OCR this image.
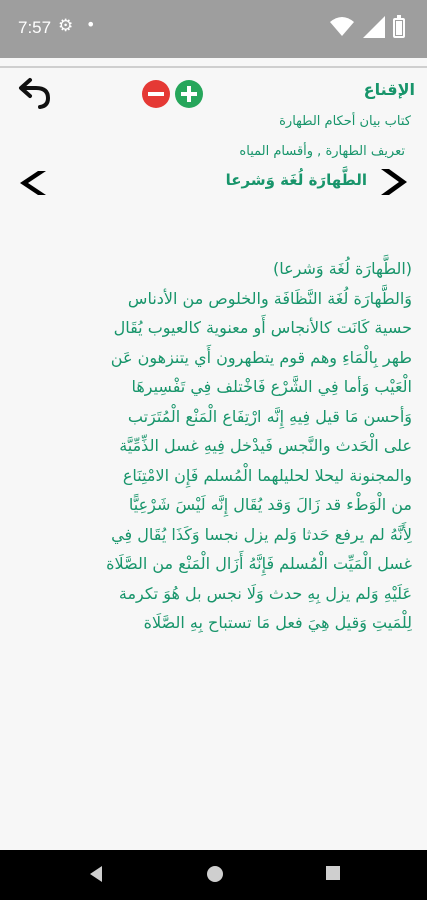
7:57 ⚙ •
الإقناع
كتاب بيان أحكام الطهارة
تعريف الطهارة , وأقسام المياه
الطَّهارَة لُغَة وَشرعا
(الطَّهارَة لُغَة وَشرعا)
وَالطَّهارَة لُغَة النَّظَافَة والخلوص من الأدناس
حسية كَانَت كالأنجاس أَو معنوية كالعيوب يُقَال
طهر بِالْمَاءِ وهم قوم يتطهرون أَي يتنزهون عَن
الْعَيْب وَأما فِي الشَّرْع فَاخْتلف فِي تَفْسِيرهَا
وَأحسن مَا قيل فِيهِ إِنَّه ارْتِفَاع الْمَنْع الْمُتَرَتب
على الْحَدث والنَّجس فَيدْخل فِيهِ غسل الذِّمِّيَّة
والمجنونة ليحلا لحليلهما الْمُسلم فَإِن الامْتِنَاع
من الْوَطْء قد زَالَ وَقد يُقَال إِنَّه لَيْسَ شَرْعِيًّا
لِأَنَّهُ لم يرفع حَدثا وَلم يزل نجسا وَكَذَا يُقَال فِي
غسل الْمَيِّت الْمُسلم فَإِنَّهُ أَزَال الْمَنْع من الصَّلَاة
عَلَيْهِ وَلم يزل بِهِ حدث وَلَا نجس بل هُوَ تكرمة
لِلْمَيتِ وَقيل هِيَ فعل مَا تستباح بِهِ الصَّلَاة
